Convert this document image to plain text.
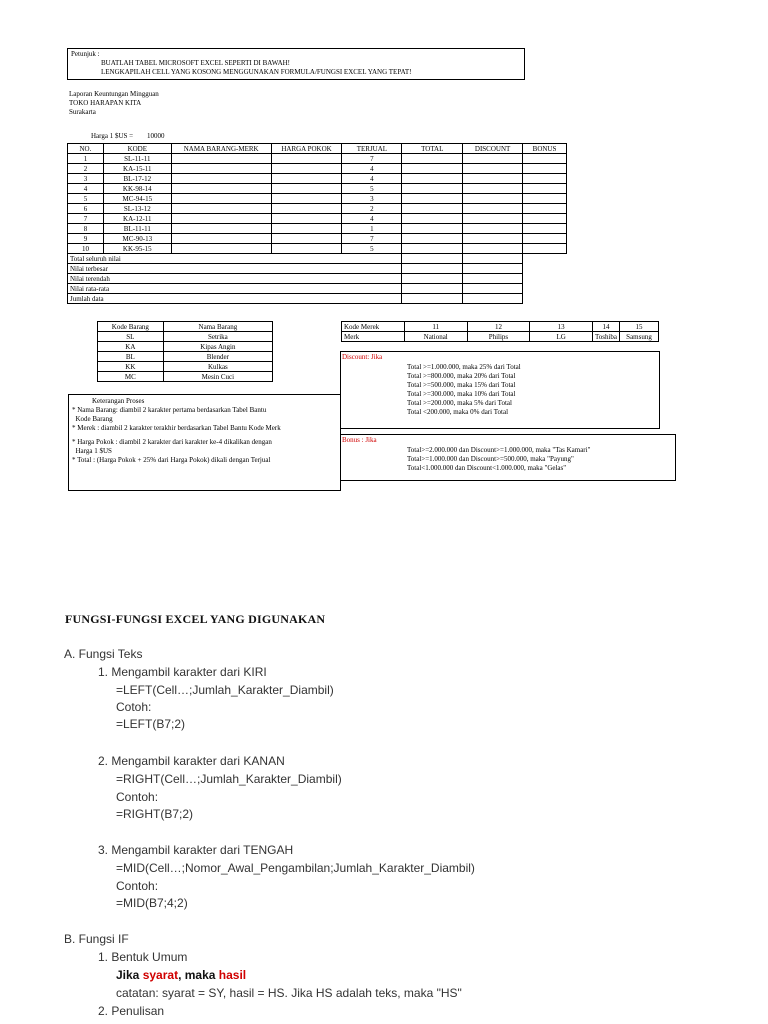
Petunjuk :
BUATLAH TABEL MICROSOFT EXCEL SEPERTI DI BAWAH!
LENGKAPILAH CELL YANG KOSONG MENGGUNAKAN FORMULA/FUNGSI EXCEL YANG TEPAT!
Laporan Keuntungan Mingguan
TOKO HARAPAN KITA
Surakarta
Harga 1 $US = 10000
NO.	KODE	NAMA BARANG-MERK	HARGA POKOK	TERJUAL	TOTAL	DISCOUNT	BONUS
1	SL-11-11			7			
2	KA-15-11			4			
3	BL-17-12			4			
4	KK-98-14			5			
5	MC-94-15			3			
6	SL-13-12			2			
7	KA-12-11			4			
8	BL-11-11			1			
9	MC-90-13			7			
10	KK-95-15			5			
Total seluruh nilai							
Nilai terbesar							
Nilai terendah							
Nilai rata-rata							
Jumlah data							
Kode Barang	Nama Barang
SL	Setrika
KA	Kipas Angin
BL	Blender
KK	Kulkas
MC	Mesin Cuci
Kode Merek	11	12	13	14	15
Merk	National	Philips	LG	Toshiba	Samsung
Keterangan Proses
* Nama Barang: diambil 2 karakter pertama berdasarkan Tabel Bantu
Kode Barang
* Merek : diambil 2 karakter terakhir berdasarkan Tabel Bantu Kode Merk
* Harga Pokok : diambil 2 karakter dari karakter ke-4 dikalikan dengan
Harga 1 $US
* Total : (Harga Pokok + 25% dari Harga Pokok) dikali dengan Terjual
Discount: Jika
Total >=1.000.000, maka 25% dari Total
Total >=800.000, maka 20% dari Total
Total >=500.000, maka 15% dari Total
Total >=300.000, maka 10% dari Total
Total >=200.000, maka 5% dari Total
Total <200.000, maka 0% dari Total
Bonus : Jika
Total>=2.000.000 dan Discount>=1.000.000, maka "Tas Kamari"
Total>=1.000.000 dan Discount>=500.000, maka "Payung"
Total<1.000.000 dan Discount<1.000.000, maka "Gelas"
FUNGSI-FUNGSI EXCEL YANG DIGUNAKAN
A. Fungsi Teks
1. Mengambil karakter dari KIRI
=LEFT(Cell…;Jumlah_Karakter_Diambil)
Cotoh:
=LEFT(B7;2)
2. Mengambil karakter dari KANAN
=RIGHT(Cell…;Jumlah_Karakter_Diambil)
Contoh:
=RIGHT(B7;2)
3. Mengambil karakter dari TENGAH
=MID(Cell…;Nomor_Awal_Pengambilan;Jumlah_Karakter_Diambil)
Contoh:
=MID(B7;4;2)
B. Fungsi IF
1. Bentuk Umum
Jika syarat, maka hasil
catatan: syarat = SY, hasil = HS. Jika HS adalah teks, maka "HS"
2. Penulisan
